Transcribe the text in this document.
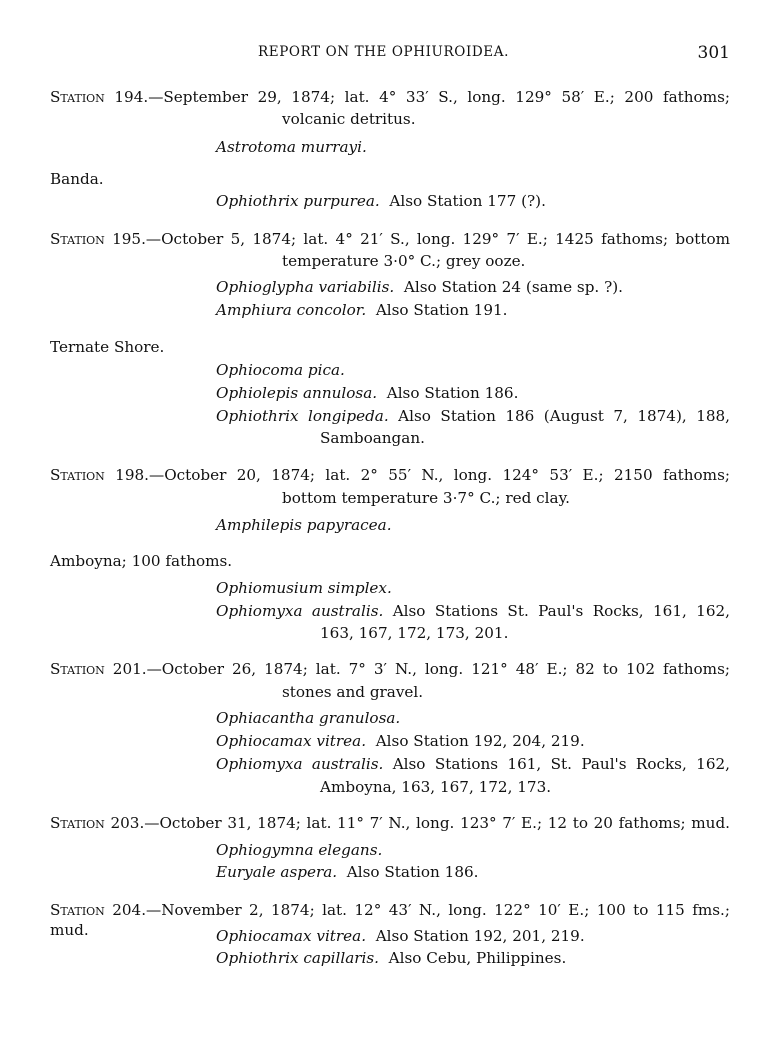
REPORT ON THE OPHIUROIDEA.	301
Station 194.—September 29, 1874; lat. 4° 33′ S., long. 129° 58′ E.; 200 fathoms;
volcanic detritus.
Astrotoma murrayi.
Banda.
Ophiothrix purpurea. Also Station 177 (?).
Station 195.—October 5, 1874; lat. 4° 21′ S., long. 129° 7′ E.; 1425 fathoms; bottom
temperature 3·0° C.; grey ooze.
Ophioglypha variabilis. Also Station 24 (same sp. ?).
Amphiura concolor. Also Station 191.
Ternate Shore.
Ophiocoma pica.
Ophiolepis annulosa. Also Station 186.
Ophiothrix longipeda. Also Station 186 (August 7, 1874), 188,
Samboangan.
Station 198.—October 20, 1874; lat. 2° 55′ N., long. 124° 53′ E.; 2150 fathoms;
bottom temperature 3·7° C.; red clay.
Amphilepis papyracea.
Amboyna; 100 fathoms.
Ophiomusium simplex.
Ophiomyxa australis. Also Stations St. Paul's Rocks, 161, 162,
163, 167, 172, 173, 201.
Station 201.—October 26, 1874; lat. 7° 3′ N., long. 121° 48′ E.; 82 to 102 fathoms;
stones and gravel.
Ophiacantha granulosa.
Ophiocamax vitrea. Also Station 192, 204, 219.
Ophiomyxa australis. Also Stations 161, St. Paul's Rocks, 162,
Amboyna, 163, 167, 172, 173.
Station 203.—October 31, 1874; lat. 11° 7′ N., long. 123° 7′ E.; 12 to 20 fathoms; mud.
Ophiogymna elegans.
Euryale aspera. Also Station 186.
Station 204.—November 2, 1874; lat. 12° 43′ N., long. 122° 10′ E.; 100 to 115 fms.; mud.	Ophiocamax vitrea. Also Station 192, 201, 219.
Ophiothrix capillaris. Also Cebu, Philippines.
